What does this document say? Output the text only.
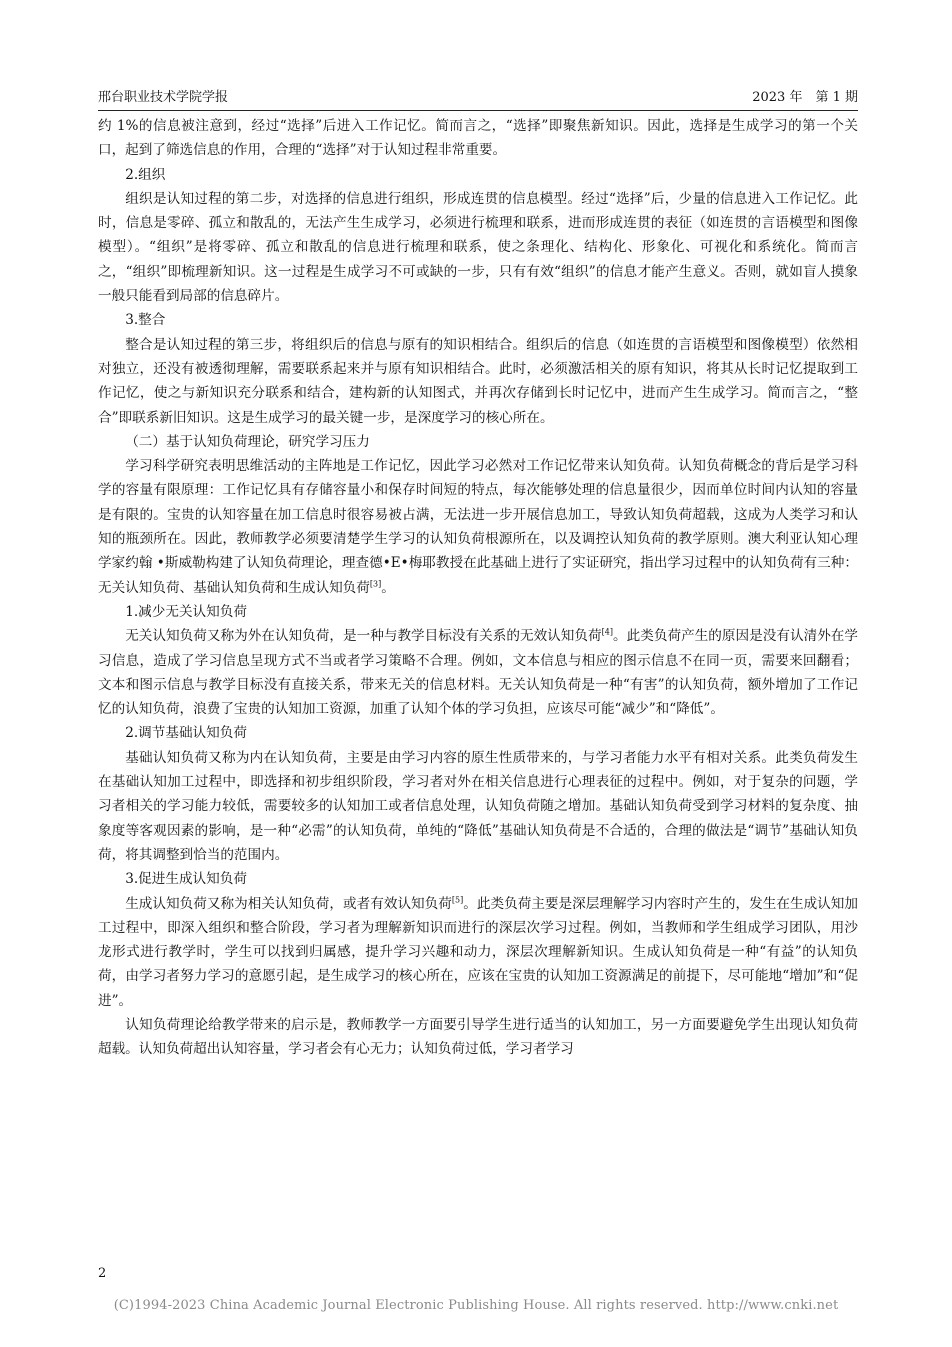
邢台职业技术学院学报	2023 年　第 1 期

约 1%的信息被注意到，经过“选择”后进入工作记忆。简而言之，“选择”即聚焦新知识。因此，选择是生成学习的第一个关口，起到了筛选信息的作用，合理的“选择”对于认知过程非常重要。

2.组织

组织是认知过程的第二步，对选择的信息进行组织，形成连贯的信息模型。经过“选择”后，少量的信息进入工作记忆。此时，信息是零碎、孤立和散乱的，无法产生生成学习，必须进行梳理和联系，进而形成连贯的表征（如连贯的言语模型和图像模型）。“组织”是将零碎、孤立和散乱的信息进行梳理和联系，使之条理化、结构化、形象化、可视化和系统化。简而言之，“组织”即梳理新知识。这一过程是生成学习不可或缺的一步，只有有效“组织”的信息才能产生意义。否则，就如盲人摸象一般只能看到局部的信息碎片。

3.整合

整合是认知过程的第三步，将组织后的信息与原有的知识相结合。组织后的信息（如连贯的言语模型和图像模型）依然相对独立，还没有被透彻理解，需要联系起来并与原有知识相结合。此时，必须激活相关的原有知识，将其从长时记忆提取到工作记忆，使之与新知识充分联系和结合，建构新的认知图式，并再次存储到长时记忆中，进而产生生成学习。简而言之，“整合”即联系新旧知识。这是生成学习的最关键一步，是深度学习的核心所在。

（二）基于认知负荷理论，研究学习压力

学习科学研究表明思维活动的主阵地是工作记忆，因此学习必然对工作记忆带来认知负荷。认知负荷概念的背后是学习科学的容量有限原理：工作记忆具有存储容量小和保存时间短的特点，每次能够处理的信息量很少，因而单位时间内认知的容量是有限的。宝贵的认知容量在加工信息时很容易被占满，无法进一步开展信息加工，导致认知负荷超载，这成为人类学习和认知的瓶颈所在。因此，教师教学必须要清楚学生学习的认知负荷根源所在，以及调控认知负荷的教学原则。澳大利亚认知心理学家约翰 •斯威勒构建了认知负荷理论，理查德•E•梅耶教授在此基础上进行了实证研究，指出学习过程中的认知负荷有三种：无关认知负荷、基础认知负荷和生成认知负荷[3]。

1.减少无关认知负荷

无关认知负荷又称为外在认知负荷，是一种与教学目标没有关系的无效认知负荷[4]。此类负荷产生的原因是没有认清外在学习信息，造成了学习信息呈现方式不当或者学习策略不合理。例如，文本信息与相应的图示信息不在同一页，需要来回翻看；文本和图示信息与教学目标没有直接关系，带来无关的信息材料。无关认知负荷是一种“有害”的认知负荷，额外增加了工作记忆的认知负荷，浪费了宝贵的认知加工资源，加重了认知个体的学习负担，应该尽可能“减少”和“降低”。

2.调节基础认知负荷

基础认知负荷又称为内在认知负荷，主要是由学习内容的原生性质带来的，与学习者能力水平有相对关系。此类负荷发生在基础认知加工过程中，即选择和初步组织阶段，学习者对外在相关信息进行心理表征的过程中。例如，对于复杂的问题，学习者相关的学习能力较低，需要较多的认知加工或者信息处理，认知负荷随之增加。基础认知负荷受到学习材料的复杂度、抽象度等客观因素的影响，是一种“必需”的认知负荷，单纯的“降低”基础认知负荷是不合适的，合理的做法是“调节”基础认知负荷，将其调整到恰当的范围内。

3.促进生成认知负荷

生成认知负荷又称为相关认知负荷，或者有效认知负荷[5]。此类负荷主要是深层理解学习内容时产生的，发生在生成认知加工过程中，即深入组织和整合阶段，学习者为理解新知识而进行的深层次学习过程。例如，当教师和学生组成学习团队，用沙龙形式进行教学时，学生可以找到归属感，提升学习兴趣和动力，深层次理解新知识。生成认知负荷是一种“有益”的认知负荷，由学习者努力学习的意愿引起，是生成学习的核心所在，应该在宝贵的认知加工资源满足的前提下，尽可能地“增加”和“促进”。

认知负荷理论给教学带来的启示是，教师教学一方面要引导学生进行适当的认知加工，另一方面要避免学生出现认知负荷超载。认知负荷超出认知容量，学习者会有心无力；认知负荷过低，学习者学习

2
(C)1994-2023 China Academic Journal Electronic Publishing House. All rights reserved. http://www.cnki.net
